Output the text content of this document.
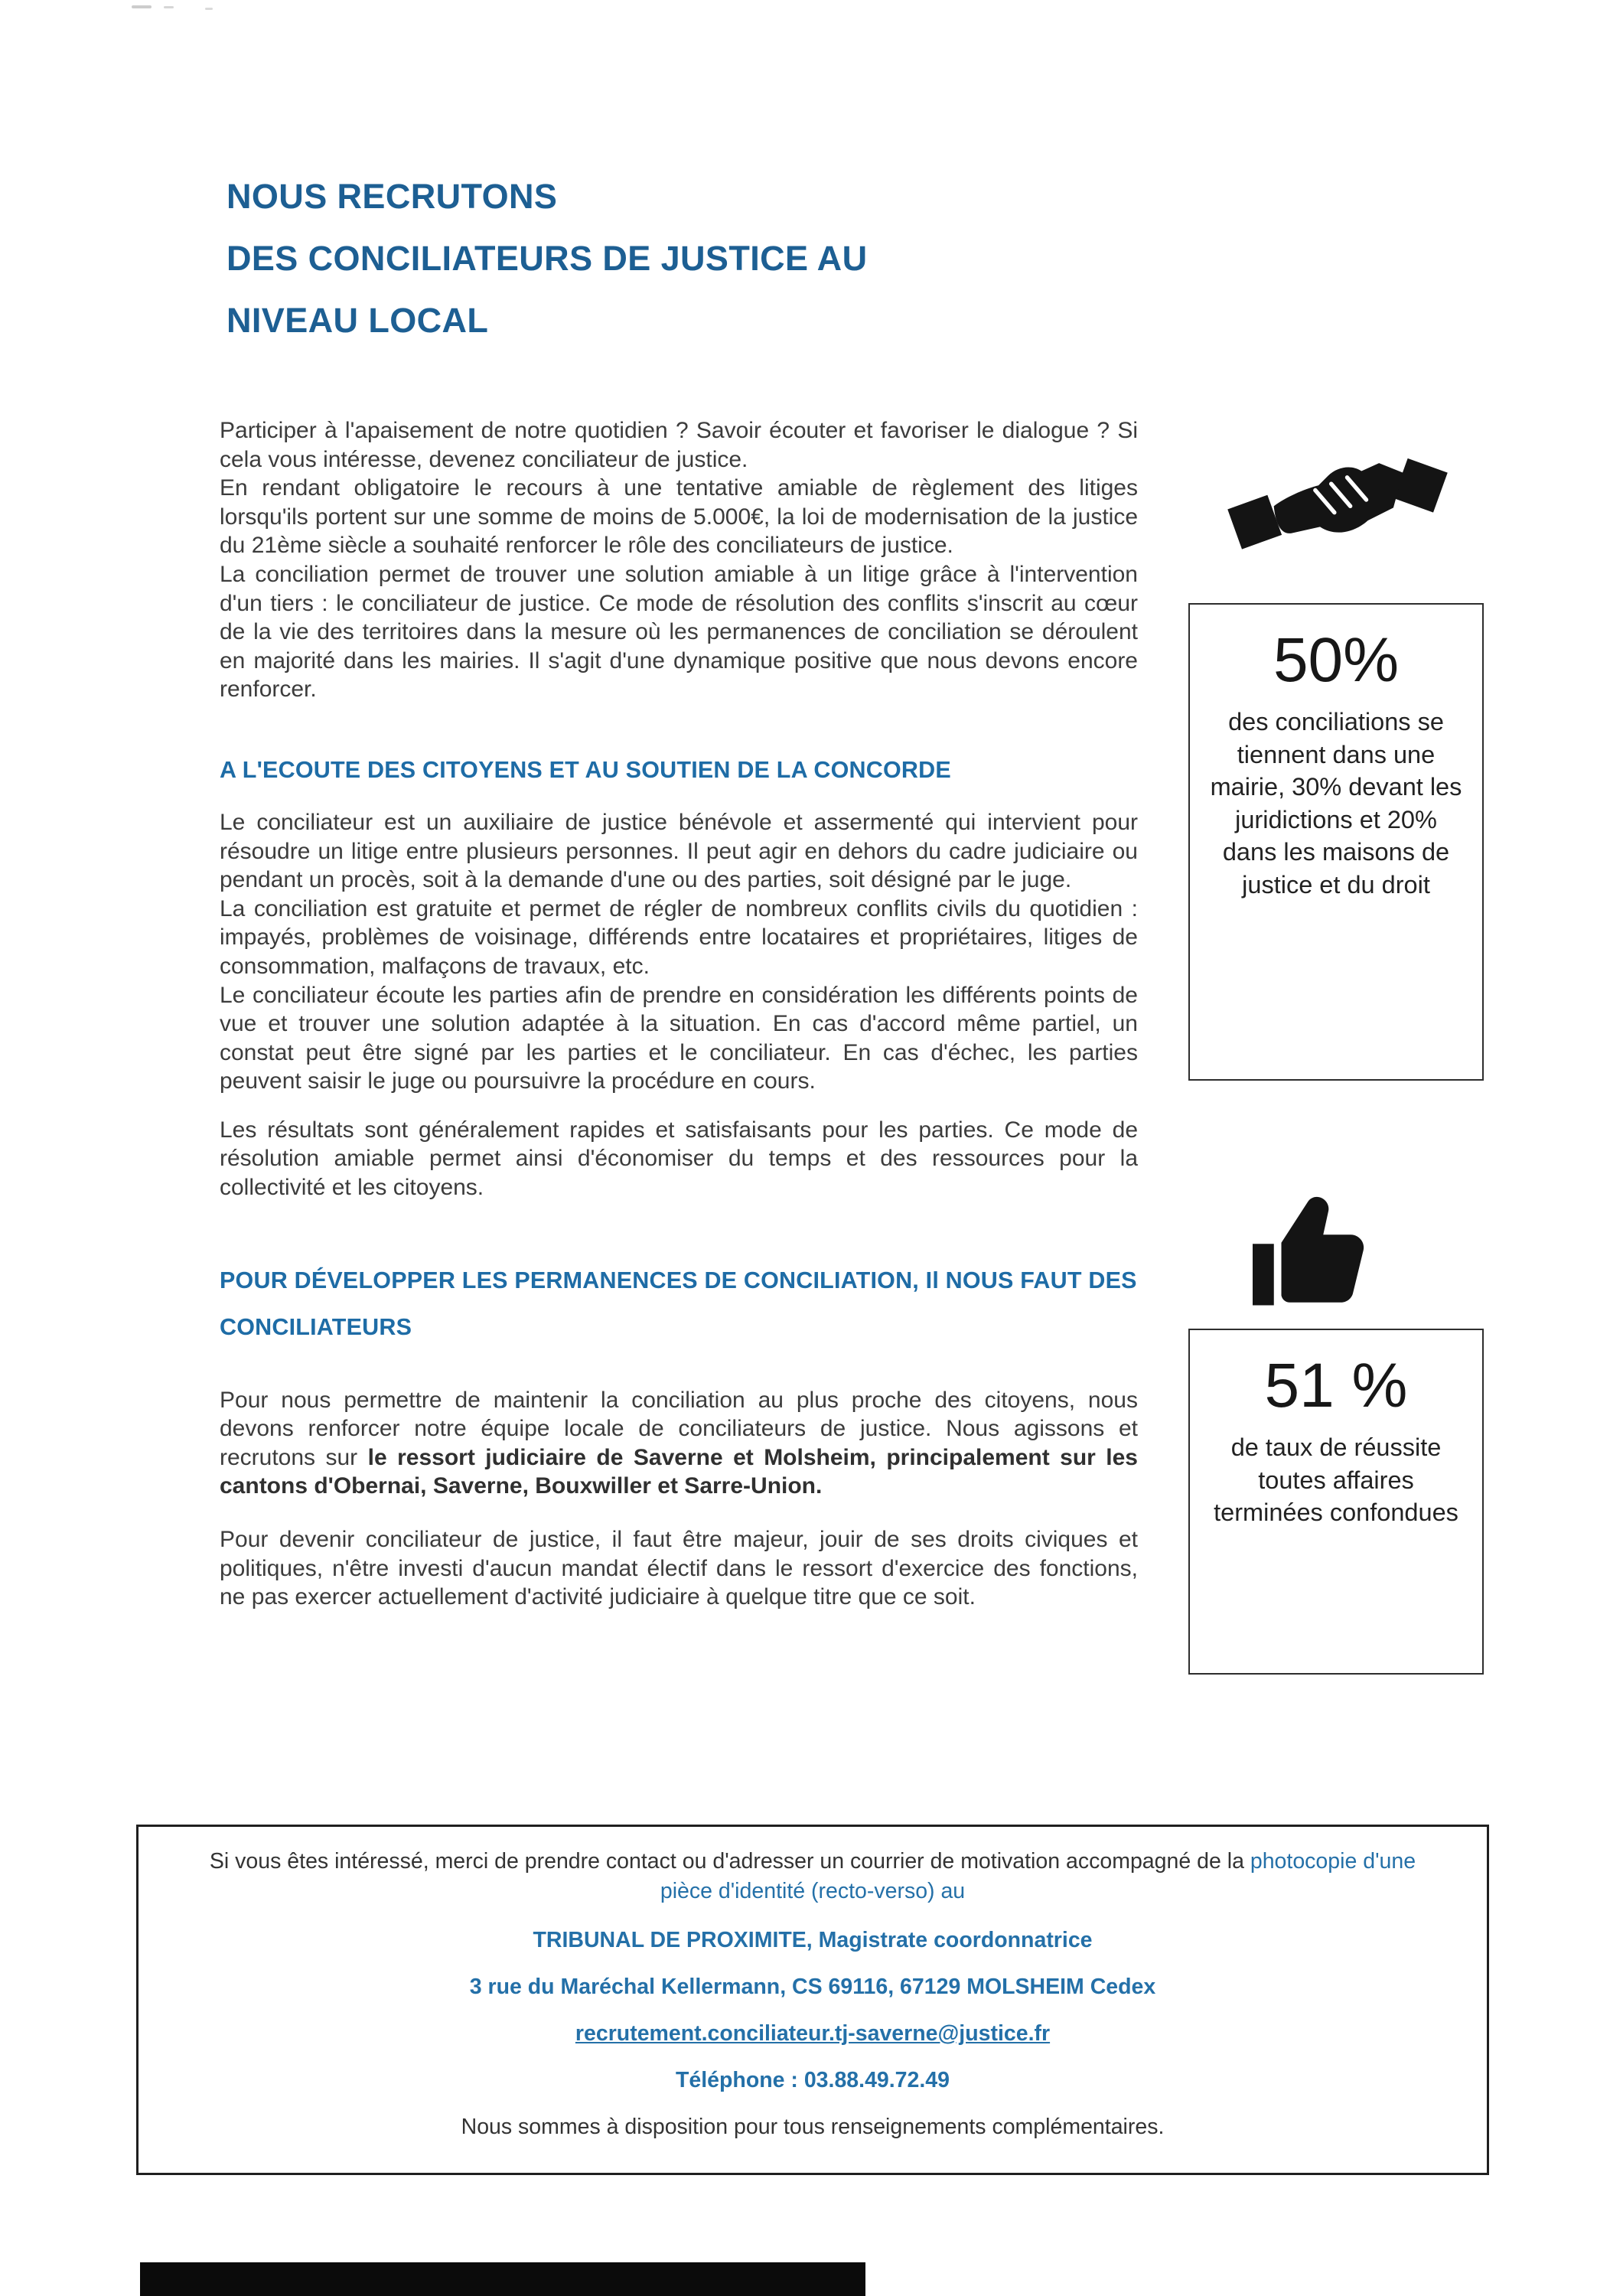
NOUS RECRUTONS
DES CONCILIATEURS DE JUSTICE AU
NIVEAU LOCAL

Participer à l'apaisement de notre quotidien ? Savoir écouter et favoriser le dialogue ? Si cela vous intéresse, devenez conciliateur de justice.

En rendant obligatoire le recours à une tentative amiable de règlement des litiges lorsqu'ils portent sur une somme de moins de 5.000€, la loi de modernisation de la justice du 21ème siècle a souhaité renforcer le rôle des conciliateurs de justice.

La conciliation permet de trouver une solution amiable à un litige grâce à l'intervention d'un tiers : le conciliateur de justice. Ce mode de résolution des conflits s'inscrit au cœur de la vie des territoires dans la mesure où les permanences de conciliation se déroulent en majorité dans les mairies. Il s'agit d'une dynamique positive que nous devons encore renforcer.

A L'ECOUTE DES CITOYENS ET AU SOUTIEN DE LA CONCORDE

Le conciliateur est un auxiliaire de justice bénévole et assermenté qui intervient pour résoudre un litige entre plusieurs personnes. Il peut agir en dehors du cadre judiciaire ou pendant un procès, soit à la demande d'une ou des parties, soit désigné par le juge.

La conciliation est gratuite et permet de régler de nombreux conflits civils du quotidien : impayés, problèmes de voisinage, différends entre locataires et propriétaires, litiges de consommation, malfaçons de travaux, etc.

Le conciliateur écoute les parties afin de prendre en considération les différents points de vue et trouver une solution adaptée à la situation. En cas d'accord même partiel, un constat peut être signé par les parties et le conciliateur. En cas d'échec, les parties peuvent saisir le juge ou poursuivre la procédure en cours.

Les résultats sont généralement rapides et satisfaisants pour les parties. Ce mode de résolution amiable permet ainsi d'économiser du temps et des ressources pour la collectivité et les citoyens.

POUR DÉVELOPPER LES PERMANENCES DE CONCILIATION, Il NOUS FAUT DES CONCILIATEURS

Pour nous permettre de maintenir la conciliation au plus proche des citoyens, nous devons renforcer notre équipe locale de conciliateurs de justice. Nous agissons et recrutons sur le ressort judiciaire de Saverne et Molsheim, principalement sur les cantons d'Obernai, Saverne, Bouxwiller et Sarre-Union.

Pour devenir conciliateur de justice, il faut être majeur, jouir de ses droits civiques et politiques, n'être investi d'aucun mandat électif dans le ressort d'exercice des fonctions, ne pas exercer actuellement d'activité judiciaire à quelque titre que ce soit.

50%
des conciliations se tiennent dans une mairie, 30% devant les juridictions et 20% dans les maisons de justice et du droit
51 %
de taux de réussite toutes affaires terminées confondues

Si vous êtes intéressé, merci de prendre contact ou d'adresser un courrier de motivation accompagné de la photocopie d'une pièce d'identité (recto-verso) au

TRIBUNAL DE PROXIMITE, Magistrate coordonnatrice

3 rue du Maréchal Kellermann, CS 69116, 67129 MOLSHEIM Cedex

recrutement.conciliateur.tj-saverne@justice.fr

Téléphone : 03.88.49.72.49

Nous sommes à disposition pour tous renseignements complémentaires.
